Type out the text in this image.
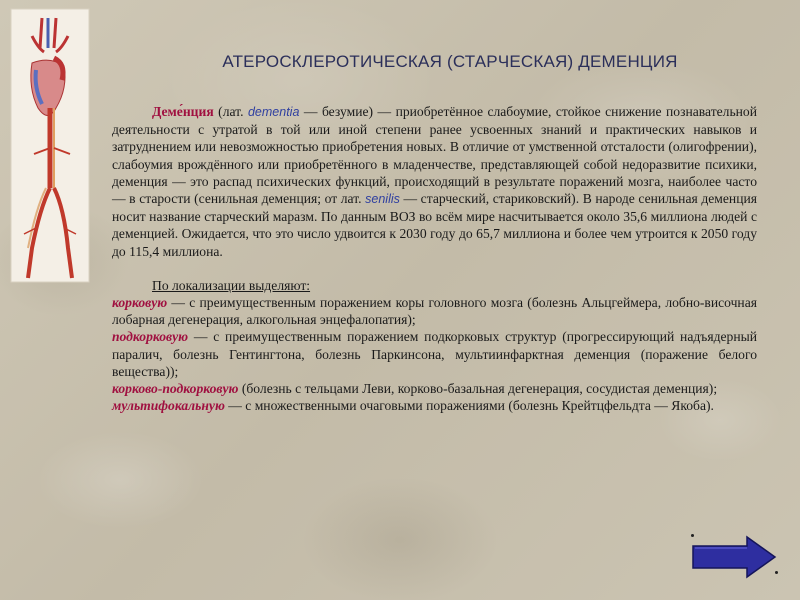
АТЕРОСКЛЕРОТИЧЕСКАЯ (СТАРЧЕСКАЯ) ДЕМЕНЦИЯ

Деме́нция (лат. dementia — безумие) — приобретённое слабоумие, стойкое снижение познавательной деятельности с утратой в той или иной степени ранее усвоенных знаний и практических навыков и затруднением или невозможностью приобретения новых. В отличие от умственной отсталости (олигофрении), слабоумия врождённого или приобретённого в младенчестве, представляющей собой недоразвитие психики, деменция — это распад психических функций, происходящий в результате поражений мозга, наиболее часто — в старости (сенильная деменция; от лат. senilis — старческий, стариковский). В народе сенильная деменция носит название старческий маразм. По данным ВОЗ во всём мире насчитывается около 35,6 миллиона людей с деменцией. Ожидается, что это число удвоится к 2030 году до 65,7 миллиона и более чем утроится к 2050 году до 115,4 миллиона.

По локализации выделяют:

корковую — с преимущественным поражением коры головного мозга (болезнь Альцгеймера, лобно-височная лобарная дегенерация, алкогольная энцефалопатия);

подкорковую — с преимущественным поражением подкорковых структур (прогрессирующий надъядерный паралич, болезнь Гентингтона, болезнь Паркинсона, мультиинфарктная деменция (поражение белого вещества));

корково-подкорковую (болезнь с тельцами Леви, корково-базальная дегенерация, сосудистая деменция);

мультифокальную — с множественными очаговыми поражениями (болезнь Крейтцфельдта — Якоба).
